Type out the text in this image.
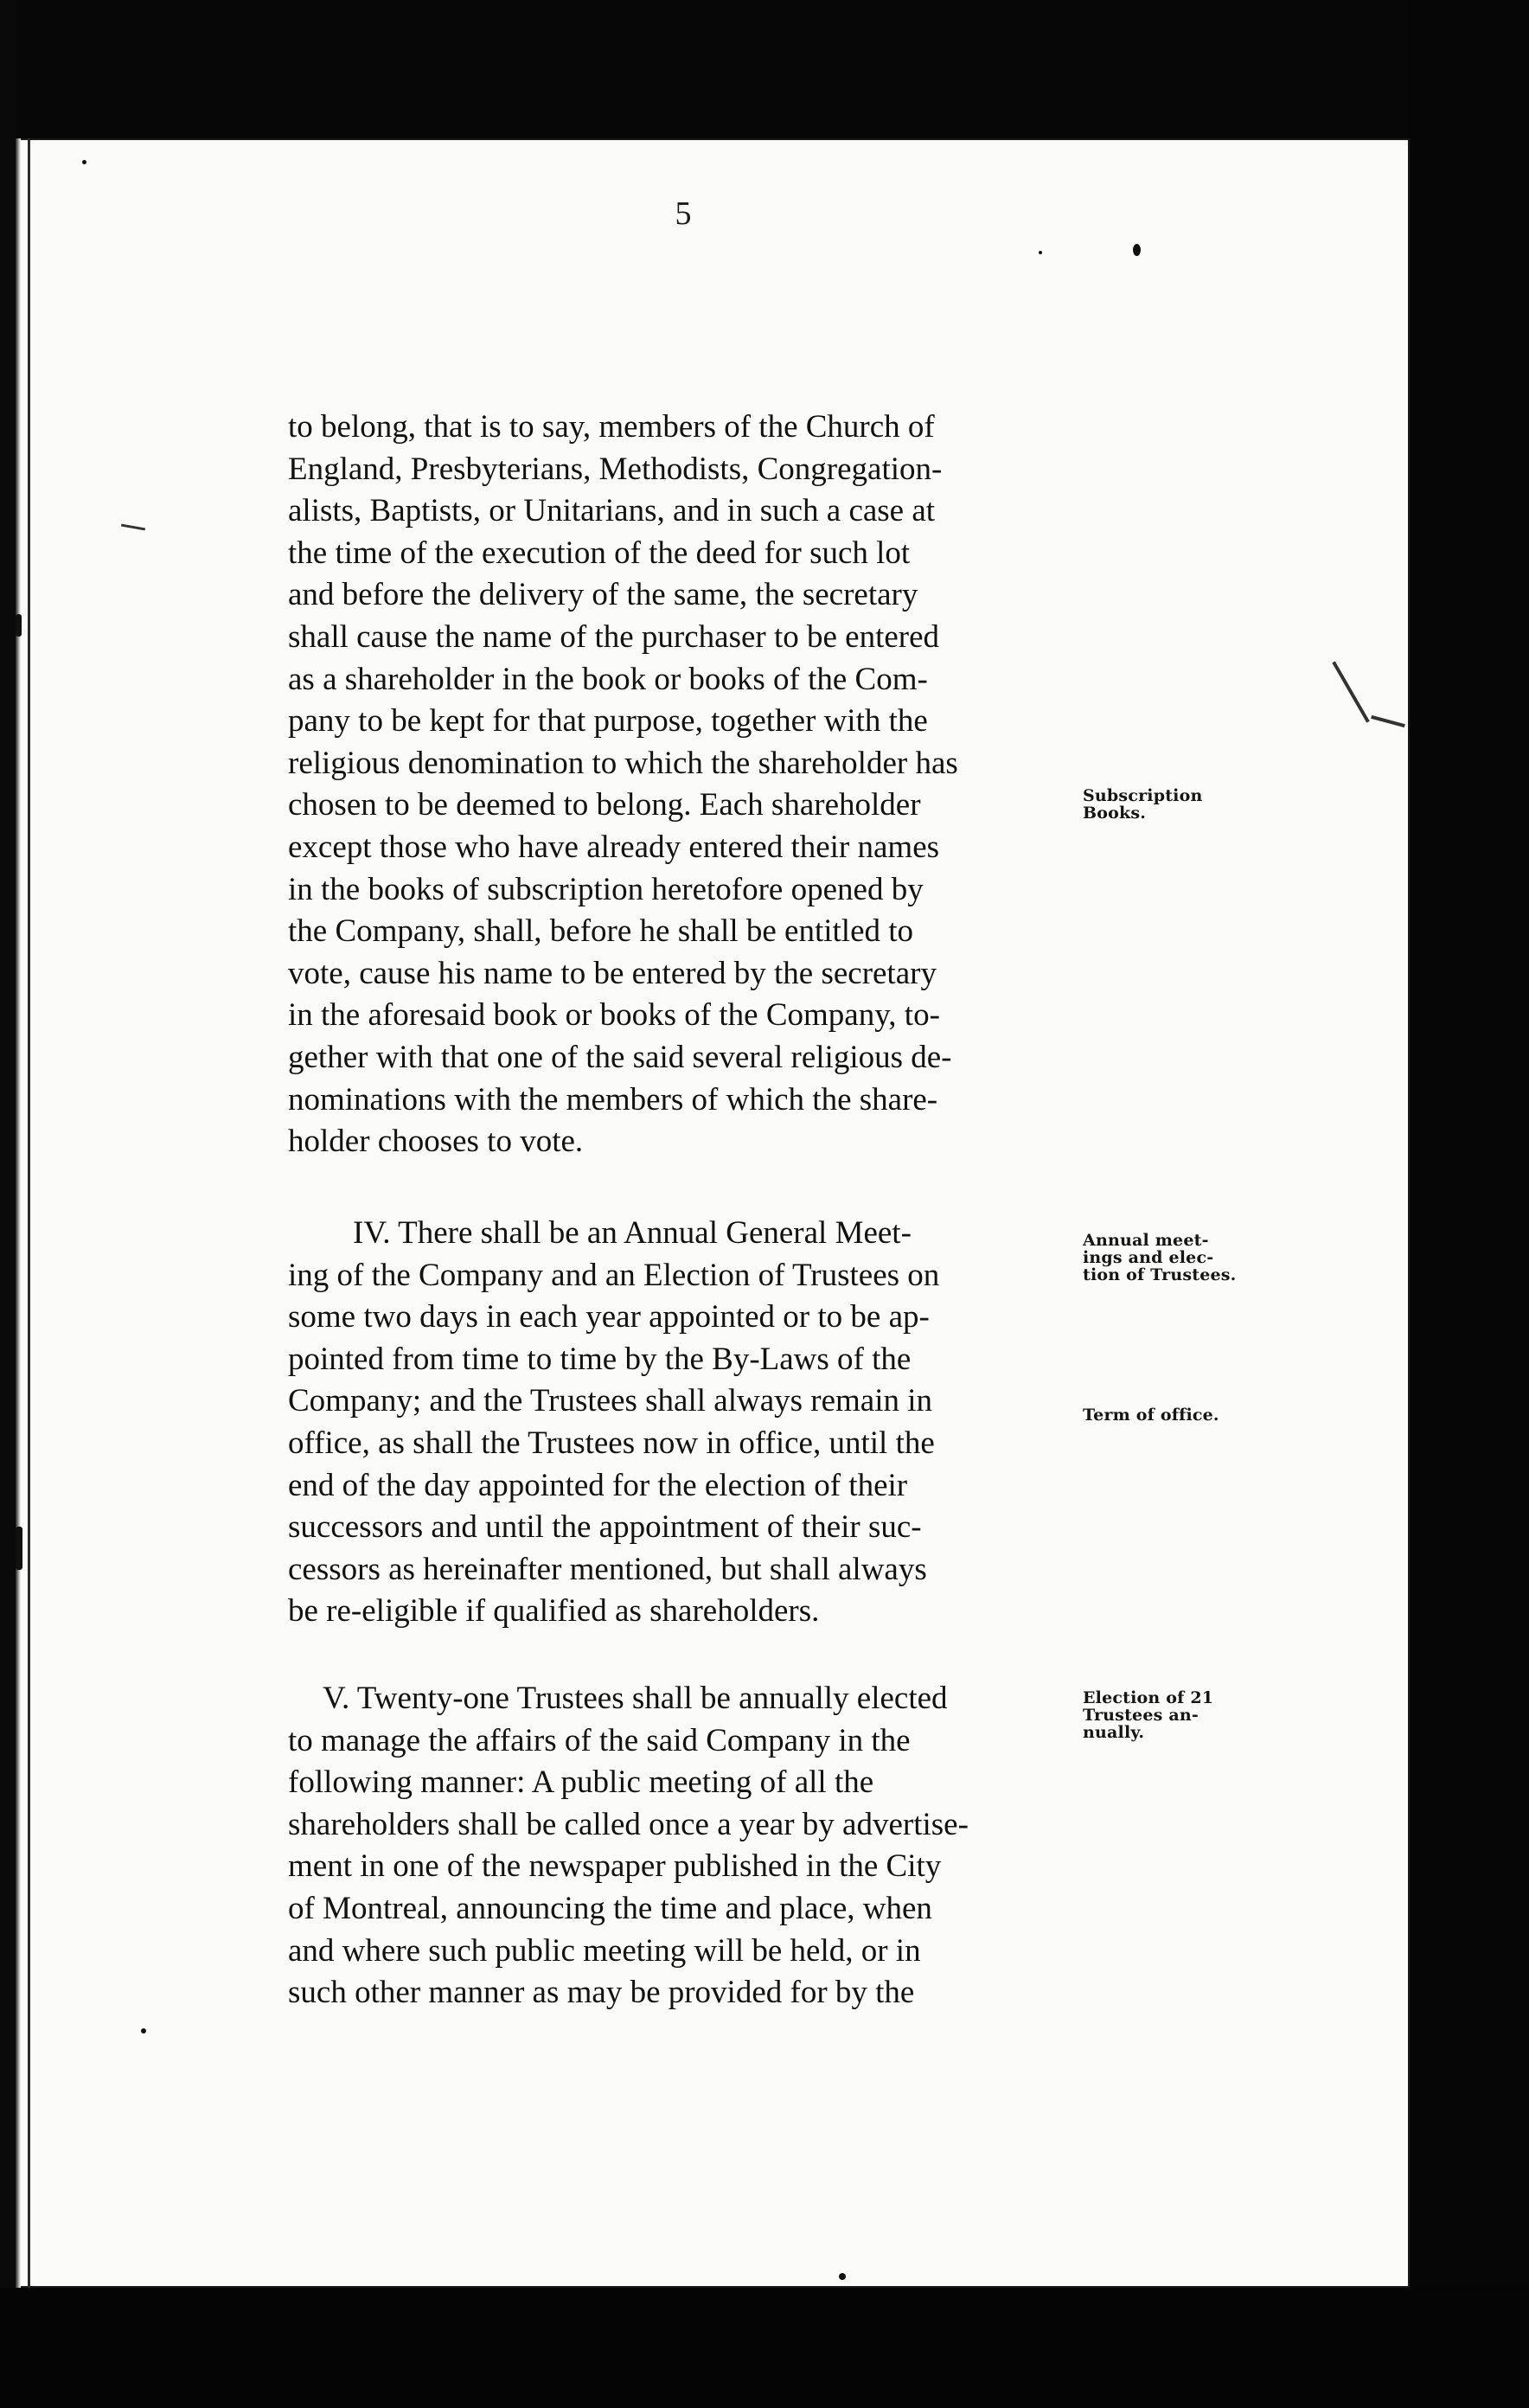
5
to belong, that is to say, members of the Church of
England, Presbyterians, Methodists, Congregation-
alists, Baptists, or Unitarians, and in such a case at
the time of the execution of the deed for such lot
and before the delivery of the same, the secretary
shall cause the name of the purchaser to be entered
as a shareholder in the book or books of the Com-
pany to be kept for that purpose, together with the
religious denomination to which the shareholder has
chosen to be deemed to belong. Each shareholder
except those who have already entered their names
in the books of subscription heretofore opened by
the Company, shall, before he shall be entitled to
vote, cause his name to be entered by the secretary
in the aforesaid book or books of the Company, to-
gether with that one of the said several religious de-
nominations with the members of which the share-
holder chooses to vote.
IV. There shall be an Annual General Meet-
ing of the Company and an Election of Trustees on
some two days in each year appointed or to be ap-
pointed from time to time by the By-Laws of the
Company; and the Trustees shall always remain in
office, as shall the Trustees now in office, until the
end of the day appointed for the election of their
successors and until the appointment of their suc-
cessors as hereinafter mentioned, but shall always
be re-eligible if qualified as shareholders.
V. Twenty-one Trustees shall be annually elected
to manage the affairs of the said Company in the
following manner: A public meeting of all the
shareholders shall be called once a year by advertise-
ment in one of the newspaper published in the City
of Montreal, announcing the time and place, when
and where such public meeting will be held, or in
such other manner as may be provided for by the
Subscription
Books.
Annual meet-
ings and elec-
tion of Trustees.
Term of office.
Election of 21
Trustees an-
nually.
